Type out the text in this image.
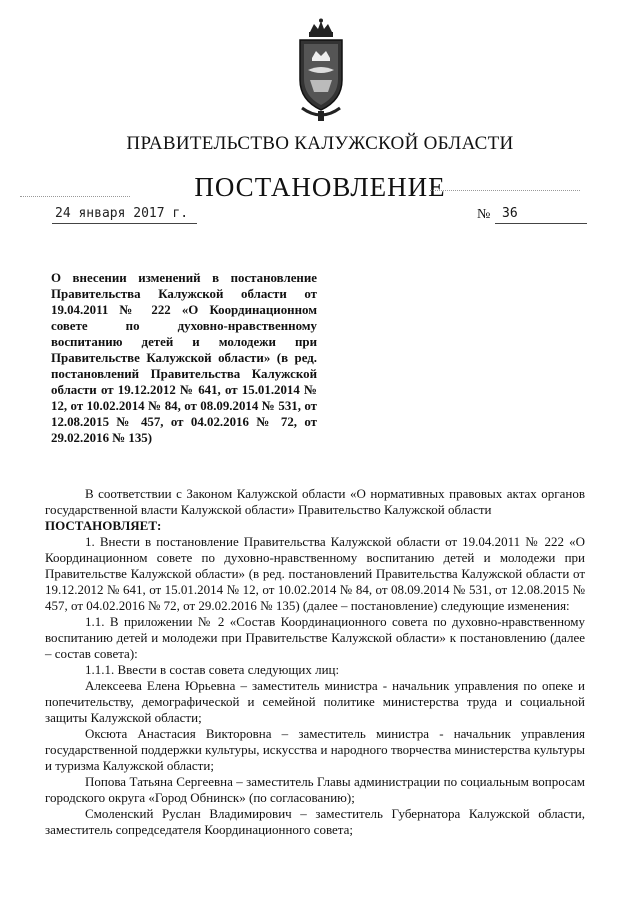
ПРАВИТЕЛЬСТВО КАЛУЖСКОЙ ОБЛАСТИ
ПОСТАНОВЛЕНИЕ
24 января 2017 г.	№ 36

О внесении изменений в постановление Правительства Калужской области от 19.04.2011 № 222 «О Координационном совете по духовно-нравственному воспитанию детей и молодежи при Правительстве Калужской области» (в ред. постановлений Правительства Калужской области от 19.12.2012 № 641, от 15.01.2014 № 12, от 10.02.2014 № 84, от 08.09.2014 № 531, от 12.08.2015 № 457, от 04.02.2016 № 72, от 29.02.2016 № 135)

В соответствии с Законом Калужской области «О нормативных правовых актах органов государственной власти Калужской области» Правительство Калужской области

ПОСТАНОВЛЯЕТ:

1. Внести в постановление Правительства Калужской области от 19.04.2011 № 222 «О Координационном совете по духовно-нравственному воспитанию детей и молодежи при Правительстве Калужской области» (в ред. постановлений Правительства Калужской области от 19.12.2012 № 641, от 15.01.2014 № 12, от 10.02.2014 № 84, от 08.09.2014 № 531, от 12.08.2015 № 457, от 04.02.2016 № 72, от 29.02.2016 № 135) (далее – постановление) следующие изменения:

1.1. В приложении № 2 «Состав Координационного совета по духовно-нравственному воспитанию детей и молодежи при Правительстве Калужской области» к постановлению (далее – состав совета):

1.1.1. Ввести в состав совета следующих лиц:

Алексеева Елена Юрьевна – заместитель министра - начальник управления по опеке и попечительству, демографической и семейной политике министерства труда и социальной защиты Калужской области;

Оксюта Анастасия Викторовна – заместитель министра - начальник управления государственной поддержки культуры, искусства и народного творчества министерства культуры и туризма Калужской области;

Попова Татьяна Сергеевна – заместитель Главы администрации по социальным вопросам городского округа «Город Обнинск» (по согласованию);

Смоленский Руслан Владимирович – заместитель Губернатора Калужской области, заместитель сопредседателя Координационного совета;
